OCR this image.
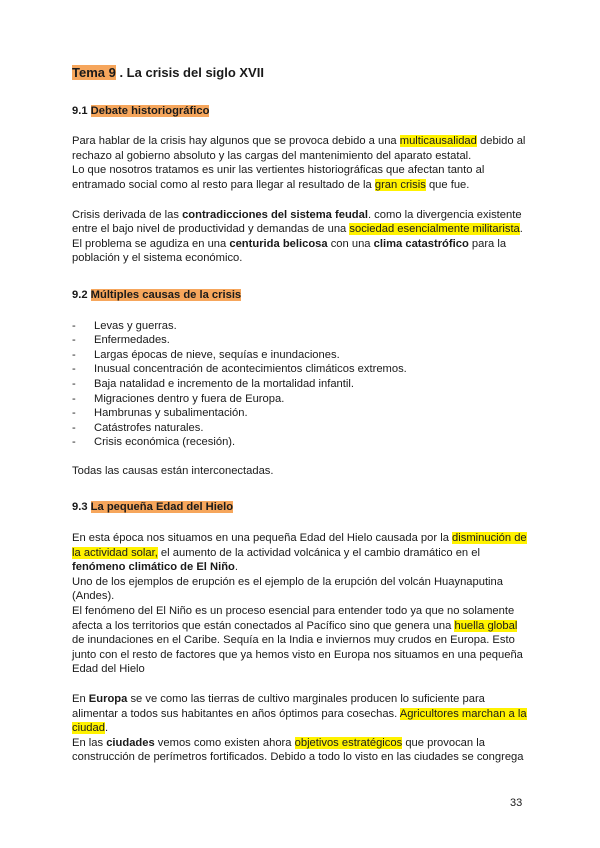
Tema 9 . La crisis del siglo XVII
9.1 Debate historiográfico

Para hablar de la crisis hay algunos que se provoca debido a una multicausalidad debido al rechazo al gobierno absoluto y las cargas del mantenimiento del aparato estatal.
Lo que nosotros tratamos es unir las vertientes historiográficas que afectan tanto al entramado social como al resto para llegar al resultado de la gran crisis que fue.

Crisis derivada de las contradicciones del sistema feudal. como la divergencia existente entre el bajo nivel de productividad y demandas de una sociedad esencialmente militarista. El problema se agudiza en una centurida belicosa con una clima catastrófico para la población y el sistema económico.

9.2 Múltiples causas de la crisis
- Levas y guerras.
- Enfermedades.
- Largas épocas de nieve, sequías e inundaciones.
- Inusual concentración de acontecimientos climáticos extremos.
- Baja natalidad e incremento de la mortalidad infantil.
- Migraciones dentro y fuera de Europa.
- Hambrunas y subalimentación.
- Catástrofes naturales.
- Crisis económica (recesión).

Todas las causas están interconectadas.

9.3 La pequeña Edad del Hielo

En esta época nos situamos en una pequeña Edad del Hielo causada por la disminución de la actividad solar, el aumento de la actividad volcánica y el cambio dramático en el fenómeno climático de El Niño.

Uno de los ejemplos de erupción es el ejemplo de la erupción del volcán Huaynaputina (Andes).

El fenómeno del El Niño es un proceso esencial para entender todo ya que no solamente afecta a los territorios que están conectados al Pacífico sino que genera una huella global de inundaciones en el Caribe. Sequía en la India e inviernos muy crudos en Europa. Esto junto con el resto de factores que ya hemos visto en Europa nos situamos en una pequeña Edad del Hielo

En Europa se ve como las tierras de cultivo marginales producen lo suficiente para alimentar a todos sus habitantes en años óptimos para cosechas. Agricultores marchan a la ciudad.

En las ciudades vemos como existen ahora objetivos estratégicos que provocan la construcción de perímetros fortificados. Debido a todo lo visto en las ciudades se congrega

33
